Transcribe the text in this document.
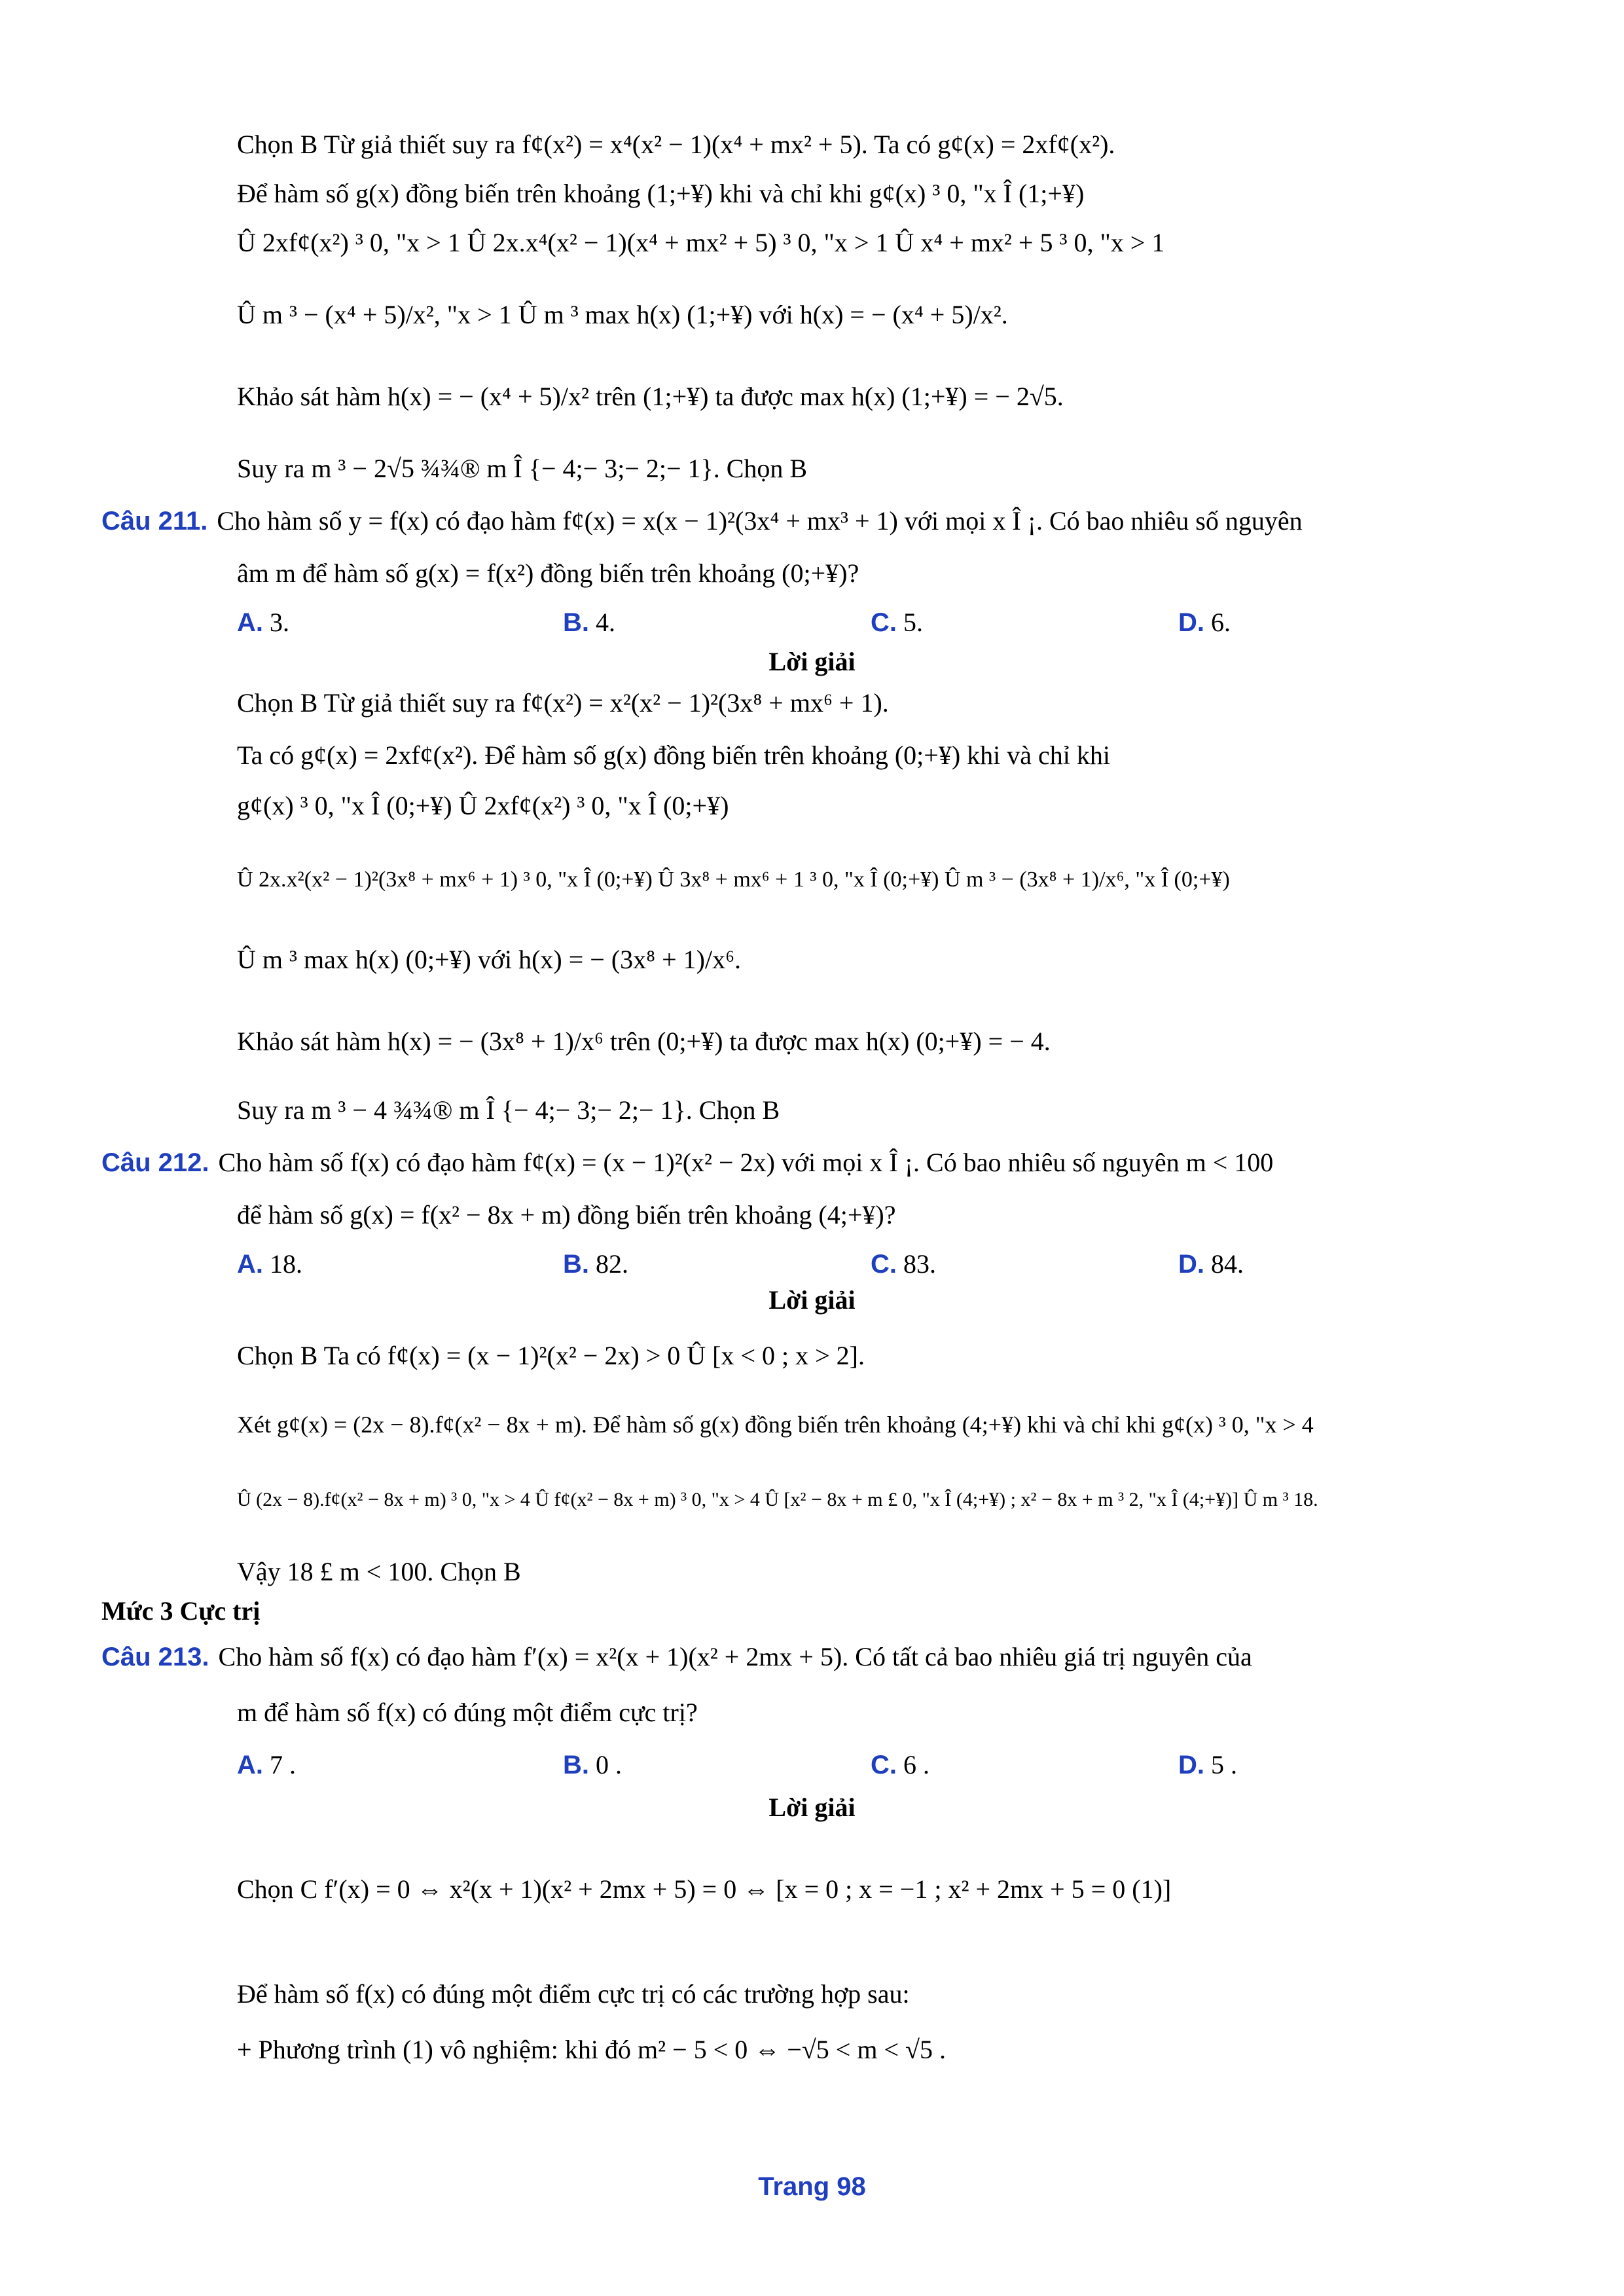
Chọn B Từ giả thiết suy ra f¢(x²) = x⁴(x² − 1)(x⁴ + mx² + 5). Ta có g¢(x) = 2xf¢(x²).
Để hàm số g(x) đồng biến trên khoảng (1;+¥) khi và chỉ khi g¢(x) ³ 0, "x Î (1;+¥)
Û 2xf¢(x²) ³ 0, "x > 1 Û 2x.x⁴(x² − 1)(x⁴ + mx² + 5) ³ 0, "x > 1 Û x⁴ + mx² + 5 ³ 0, "x > 1
Û m ³ − (x⁴ + 5)/x², "x > 1 Û m ³ max h(x) (1;+¥) với h(x) = − (x⁴ + 5)/x².
Khảo sát hàm h(x) = − (x⁴ + 5)/x² trên (1;+¥) ta được max h(x) (1;+¥) = − 2√5.
Suy ra m ³ − 2√5 ¾¾® m Î {− 4;− 3;− 2;− 1}. Chọn B
Câu 211. Cho hàm số y = f(x) có đạo hàm f¢(x) = x(x − 1)²(3x⁴ + mx³ + 1) với mọi x Î ¡. Có bao nhiêu số nguyên
âm m để hàm số g(x) = f(x²) đồng biến trên khoảng (0;+¥)?
A. 3.	B. 4.	C. 5.	D. 6.
Lời giải
Chọn B Từ giả thiết suy ra f¢(x²) = x²(x² − 1)²(3x⁸ + mx⁶ + 1).
Ta có g¢(x) = 2xf¢(x²). Để hàm số g(x) đồng biến trên khoảng (0;+¥) khi và chỉ khi
g¢(x) ³ 0, "x Î (0;+¥) Û 2xf¢(x²) ³ 0, "x Î (0;+¥)
Û 2x.x²(x² − 1)²(3x⁸ + mx⁶ + 1) ³ 0, "x Î (0;+¥) Û 3x⁸ + mx⁶ + 1 ³ 0, "x Î (0;+¥) Û m ³ − (3x⁸ + 1)/x⁶, "x Î (0;+¥)
Û m ³ max h(x) (0;+¥) với h(x) = − (3x⁸ + 1)/x⁶.
Khảo sát hàm h(x) = − (3x⁸ + 1)/x⁶ trên (0;+¥) ta được max h(x) (0;+¥) = − 4.
Suy ra m ³ − 4 ¾¾® m Î {− 4;− 3;− 2;− 1}. Chọn B
Câu 212. Cho hàm số f(x) có đạo hàm f¢(x) = (x − 1)²(x² − 2x) với mọi x Î ¡. Có bao nhiêu số nguyên m < 100
để hàm số g(x) = f(x² − 8x + m) đồng biến trên khoảng (4;+¥)?
A. 18.	B. 82.	C. 83.	D. 84.
Lời giải
Chọn B Ta có f¢(x) = (x − 1)²(x² − 2x) > 0 Û [x < 0 ; x > 2].
Xét g¢(x) = (2x − 8).f¢(x² − 8x + m). Để hàm số g(x) đồng biến trên khoảng (4;+¥) khi và chỉ khi g¢(x) ³ 0, "x > 4
Û (2x − 8).f¢(x² − 8x + m) ³ 0, "x > 4 Û f¢(x² − 8x + m) ³ 0, "x > 4 Û [x² − 8x + m £ 0, "x Î (4;+¥) ; x² − 8x + m ³ 2, "x Î (4;+¥)] Û m ³ 18.
Vậy 18 £ m < 100. Chọn B
Mức 3 Cực trị
Câu 213. Cho hàm số f(x) có đạo hàm f′(x) = x²(x + 1)(x² + 2mx + 5). Có tất cả bao nhiêu giá trị nguyên của
m để hàm số f(x) có đúng một điểm cực trị?
A. 7 .	B. 0 .	C. 6 .	D. 5 .
Lời giải
Chọn C f′(x) = 0 ⇔ x²(x + 1)(x² + 2mx + 5) = 0 ⇔ [x = 0 ; x = −1 ; x² + 2mx + 5 = 0 (1)]
Để hàm số f(x) có đúng một điểm cực trị có các trường hợp sau:
+ Phương trình (1) vô nghiệm: khi đó m² − 5 < 0 ⇔ −√5 < m < √5 .
Trang 98
